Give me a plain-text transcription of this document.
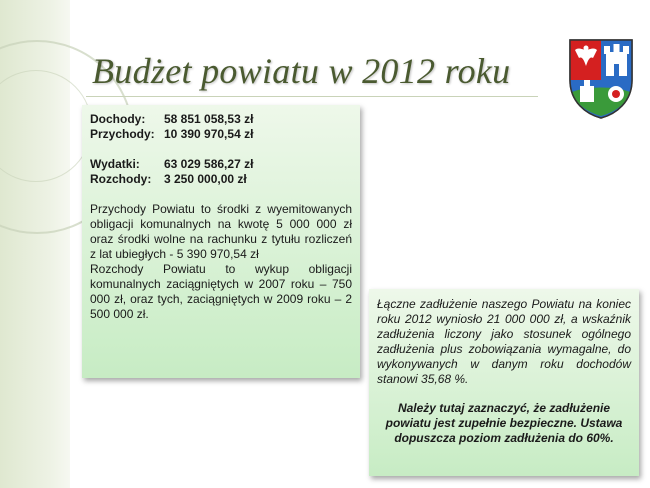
Budżet powiatu w 2012 roku
Dochody: 58 851 058,53 zł
Przychody: 10 390 970,54 zł
Wydatki: 63 029 586,27 zł
Rozchody: 3 250 000,00 zł

Przychody Powiatu to środki z wyemitowanych obligacji komunalnych na kwotę 5 000 000 zł oraz środki wolne na rachunku z tytułu rozliczeń z lat ubiegłych - 5 390 970,54 zł

Rozchody Powiatu to wykup obligacji komunalnych zaciągniętych w 2007 roku – 750 000 zł, oraz tych, zaciągniętych w 2009 roku – 2 500 000 zł.

Łączne zadłużenie naszego Powiatu na koniec roku 2012 wyniosło 21 000 000 zł, a wskaźnik zadłużenia liczony jako stosunek ogólnego zadłużenia plus zobowiązania wymagalne, do wykonywanych w danym roku dochodów stanowi 35,68 %.

Należy tutaj zaznaczyć, że zadłużenie powiatu jest zupełnie bezpieczne. Ustawa dopuszcza poziom zadłużenia do 60%.
